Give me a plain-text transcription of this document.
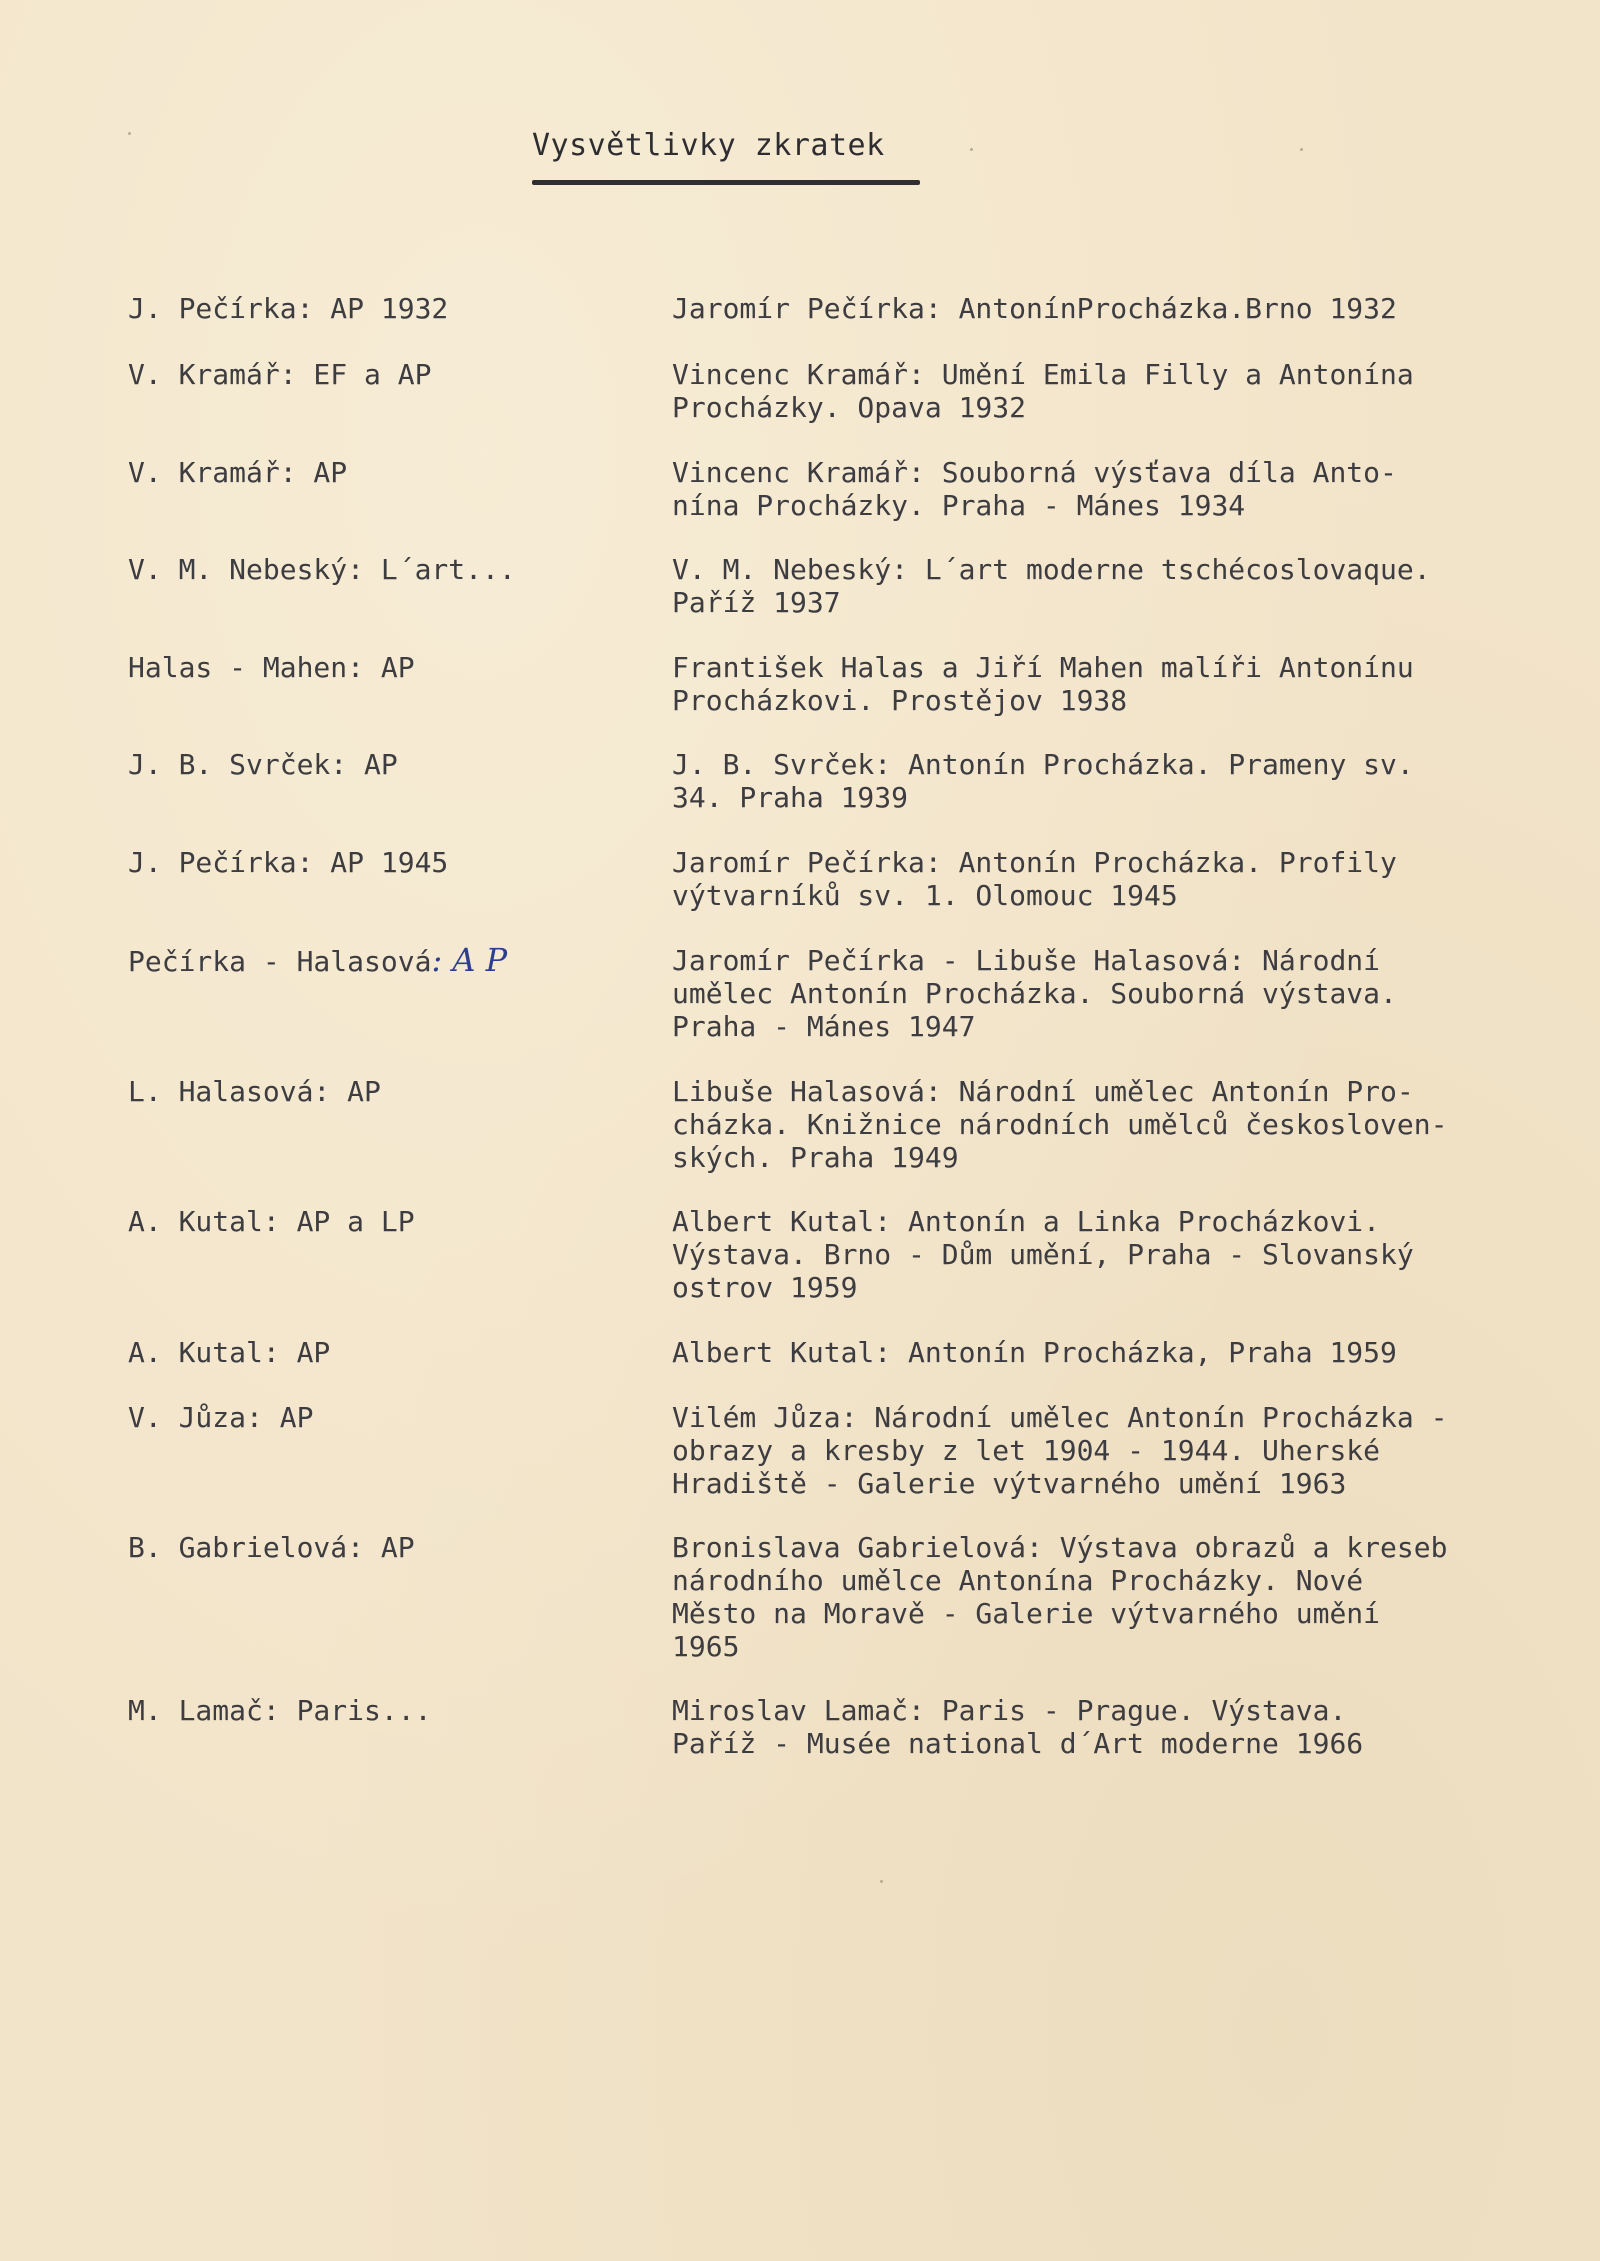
Vysvětlivky zkratek
J. Pečírka: AP 1932	Jaromír Pečírka: AntonínProcházka.Brno 1932
V. Kramář: EF a AP	Vincenc Kramář: Umění Emila Filly a Antonína
Procházky. Opava 1932
V. Kramář: AP	Vincenc Kramář: Souborná výsťava díla Anto-
nína Procházky. Praha - Mánes 1934
V. M. Nebeský: L´art...	V. M. Nebeský: L´art moderne tschécoslovaque.
Paříž 1937
Halas - Mahen: AP	František Halas a Jiří Mahen malíři Antonínu
Procházkovi. Prostějov 1938
J. B. Svrček: AP	J. B. Svrček: Antonín Procházka. Prameny sv.
34. Praha 1939
J. Pečírka: AP 1945	Jaromír Pečírka: Antonín Procházka. Profily
výtvarníků sv. 1. Olomouc 1945
Pečírka - Halasová: A P	Jaromír Pečírka - Libuše Halasová: Národní
umělec Antonín Procházka. Souborná výstava.
Praha - Mánes 1947
L. Halasová: AP	Libuše Halasová: Národní umělec Antonín Pro-
cházka. Knižnice národních umělců českosloven-
ských. Praha 1949
A. Kutal: AP a LP	Albert Kutal: Antonín a Linka Procházkovi.
Výstava. Brno - Dům umění, Praha - Slovanský
ostrov 1959
A. Kutal: AP	Albert Kutal: Antonín Procházka, Praha 1959
V. Jůza: AP	Vilém Jůza: Národní umělec Antonín Procházka -
obrazy a kresby z let 1904 - 1944. Uherské
Hradiště - Galerie výtvarného umění 1963
B. Gabrielová: AP	Bronislava Gabrielová: Výstava obrazů a kreseb
národního umělce Antonína Procházky. Nové
Město na Moravě - Galerie výtvarného umění
1965
M. Lamač: Paris...	Miroslav Lamač: Paris - Prague. Výstava.
Paříž - Musée national d´Art moderne 1966
